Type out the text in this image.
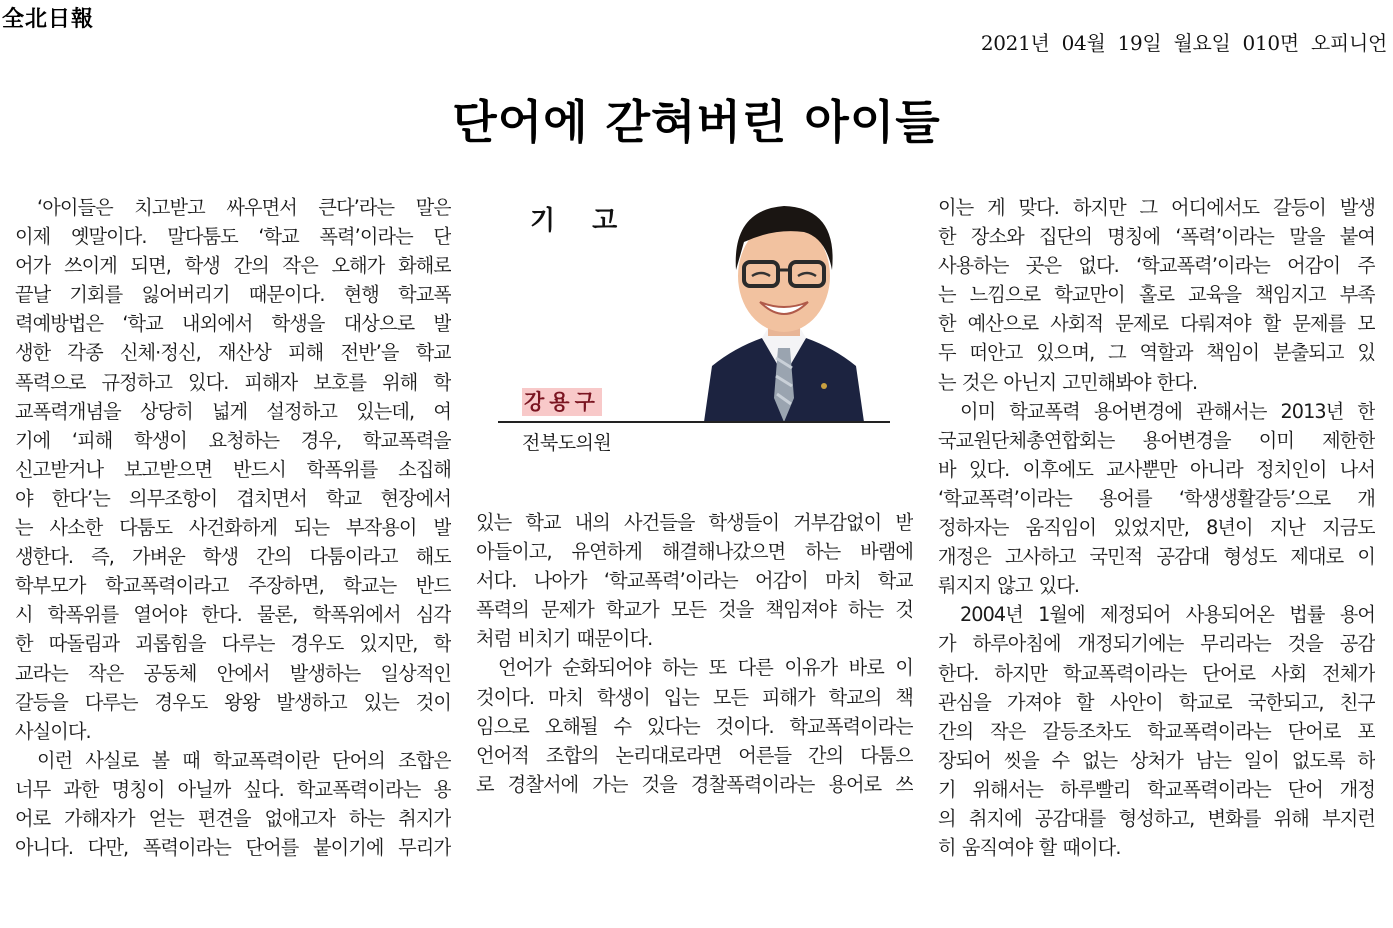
全北日報
2021년 04월 19일 월요일 010면 오피니언
단어에 갇혀버린 아이들
‘아이들은 치고받고 싸우면서 큰다’라는 말은
이제 옛말이다. 말다툼도 ‘학교 폭력’이라는 단
어가 쓰이게 되면, 학생 간의 작은 오해가 화해로
끝날 기회를 잃어버리기 때문이다. 현행 학교폭
력예방법은 ‘학교 내외에서 학생을 대상으로 발
생한 각종 신체·정신, 재산상 피해 전반’을 학교
폭력으로 규정하고 있다. 피해자 보호를 위해 학
교폭력개념을 상당히 넓게 설정하고 있는데, 여
기에 ‘피해 학생이 요청하는 경우, 학교폭력을
신고받거나 보고받으면 반드시 학폭위를 소집해
야 한다’는 의무조항이 겹치면서 학교 현장에서
는 사소한 다툼도 사건화하게 되는 부작용이 발
생한다. 즉, 가벼운 학생 간의 다툼이라고 해도
학부모가 학교폭력이라고 주장하면, 학교는 반드
시 학폭위를 열어야 한다. 물론, 학폭위에서 심각
한 따돌림과 괴롭힘을 다루는 경우도 있지만, 학
교라는 작은 공동체 안에서 발생하는 일상적인
갈등을 다루는 경우도 왕왕 발생하고 있는 것이
사실이다.
이런 사실로 볼 때 학교폭력이란 단어의 조합은
너무 과한 명칭이 아닐까 싶다. 학교폭력이라는 용
어로 가해자가 얻는 편견을 없애고자 하는 취지가
아니다. 다만, 폭력이라는 단어를 붙이기에 무리가
기 고
강용구
전북도의원
있는 학교 내의 사건들을 학생들이 거부감없이 받
아들이고, 유연하게 해결해나갔으면 하는 바램에
서다. 나아가 ‘학교폭력’이라는 어감이 마치 학교
폭력의 문제가 학교가 모든 것을 책임져야 하는 것
처럼 비치기 때문이다.
언어가 순화되어야 하는 또 다른 이유가 바로 이
것이다. 마치 학생이 입는 모든 피해가 학교의 책
임으로 오해될 수 있다는 것이다. 학교폭력이라는
언어적 조합의 논리대로라면 어른들 간의 다툼으
로 경찰서에 가는 것을 경찰폭력이라는 용어로 쓰
이는 게 맞다. 하지만 그 어디에서도 갈등이 발생
한 장소와 집단의 명칭에 ‘폭력’이라는 말을 붙여
사용하는 곳은 없다. ‘학교폭력’이라는 어감이 주
는 느낌으로 학교만이 홀로 교육을 책임지고 부족
한 예산으로 사회적 문제로 다뤄져야 할 문제를 모
두 떠안고 있으며, 그 역할과 책임이 분출되고 있
는 것은 아닌지 고민해봐야 한다.
이미 학교폭력 용어변경에 관해서는 2013년 한
국교원단체총연합회는 용어변경을 이미 제한한
바 있다. 이후에도 교사뿐만 아니라 정치인이 나서
‘학교폭력’이라는 용어를 ‘학생생활갈등’으로 개
정하자는 움직임이 있었지만, 8년이 지난 지금도
개정은 고사하고 국민적 공감대 형성도 제대로 이
뤄지지 않고 있다.
2004년 1월에 제정되어 사용되어온 법률 용어
가 하루아침에 개정되기에는 무리라는 것을 공감
한다. 하지만 학교폭력이라는 단어로 사회 전체가
관심을 가져야 할 사안이 학교로 국한되고, 친구
간의 작은 갈등조차도 학교폭력이라는 단어로 포
장되어 씻을 수 없는 상처가 남는 일이 없도록 하
기 위해서는 하루빨리 학교폭력이라는 단어 개정
의 취지에 공감대를 형성하고, 변화를 위해 부지런
히 움직여야 할 때이다.
